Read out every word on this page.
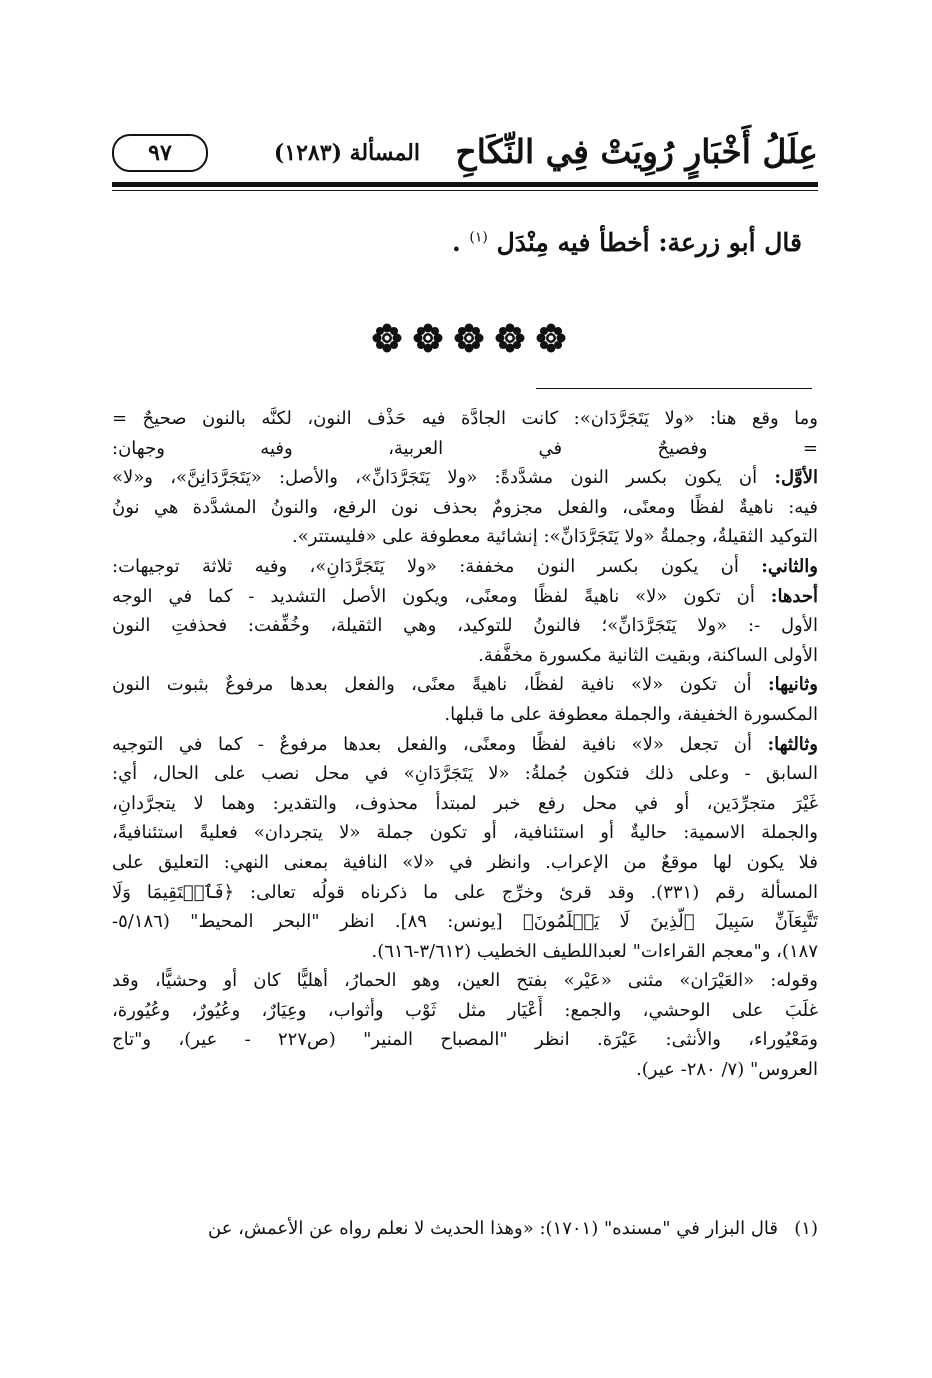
عِلَلُ أَخْبَارٍ رُوِيَتْ فِي النِّكَاحِ
المسألة (١٢٨٣)
٩٧
قال أبو زرعة: أخطأ فيه مِنْدَل $^{(١)}$ .
وما وقع هنا: «ولا يَتَجَرَّدَان»: كانت الجادَّة فيه حَذْف النون، لكنَّه بالنون صحيحٌ =
= وفصيحٌ في العربية، وفيه وجهان:
الأوَّل: أن يكون بكسر النون مشدَّدةً: «ولا يَتَجَرَّدَانِّ»، والأصل: «يَتَجَرَّدَانِنَّ»، و«لا»
فيه: ناهيةٌ لفظًا ومعنًى، والفعل مجزومٌ بحذف نون الرفع، والنونُ المشدَّدة هي نونُ
التوكيد الثقيلةُ، وجملةُ «ولا يَتَجَرَّدَانِّ»: إنشائية معطوفة على «فليستتر».
والثاني: أن يكون بكسر النون مخففة: «ولا يَتَجَرَّدَانِ»، وفيه ثلاثة توجيهات:
أحدها: أن تكون «لا» ناهيةً لفظًا ومعنًى، ويكون الأصل التشديد - كما في الوجه
الأول -: «ولا يَتَجَرَّدَانِّ»؛ فالنونُ للتوكيد، وهي الثقيلة، وخُفِّفت: فحذفتِ النون
الأولى الساكنة، وبقيت الثانية مكسورة مخفَّفة.
وثانيها: أن تكون «لا» نافية لفظًا، ناهيةً معنًى، والفعل بعدها مرفوعٌ بثبوت النون
المكسورة الخفيفة، والجملة معطوفة على ما قبلها.
وثالثها: أن تجعل «لا» نافية لفظًا ومعنًى، والفعل بعدها مرفوعٌ - كما في التوجيه
السابق - وعلى ذلك فتكون جُملةُ: «لا يَتَجَرَّدَانِ» في محل نصب على الحال، أي:
غَيْرَ متجرِّدَين، أو في محل رفع خبر لمبتدأ محذوف، والتقدير: وهما لا يتجرَّدانِ،
والجملة الاسمية: حاليةٌ أو استئنافية، أو تكون جملة «لا يتجردان» فعليةً استئنافيةً،
فلا يكون لها موقعٌ من الإعراب. وانظر في «لا» النافية بمعنى النهي: التعليق على
المسألة رقم (٣٣١). وقد قرئ وخرِّج على ما ذكرناه قولُه تعالى: ﴿فَٱسۡتَقِيمَا وَلَا
تَتَّبِعَآنِّ سَبِيلَ ٱلَّذِينَ لَا يَعۡلَمُونَ﴾ [يونس: ٨٩]. انظر "البحر المحيط" (٥/١٨٦-
١٨٧)، و"معجم القراءات" لعبداللطيف الخطيب (٣/٦١٢-٦١٦).
وقوله: «العَيْرَان» مثنى «عَيْر» بفتح العين، وهو الحمارُ، أهليًّا كان أو وحشيًّا، وقد
غلَبَ على الوحشي، والجمع: أَعْيَار مثل ثَوْب وأثواب، وعِيَارٌ، وعُيُورٌ، وعُيُورة،
ومَعْيُوراء، والأنثى: عَيْرَة. انظر "المصباح المنير" (ص٢٢٧ - عير)، و"تاج
العروس" (٧/ ٢٨٠- عير).
(١)
قال البزار في "مسنده" (١٧٠١): «وهذا الحديث لا نعلم رواه عن الأعمش، عن
